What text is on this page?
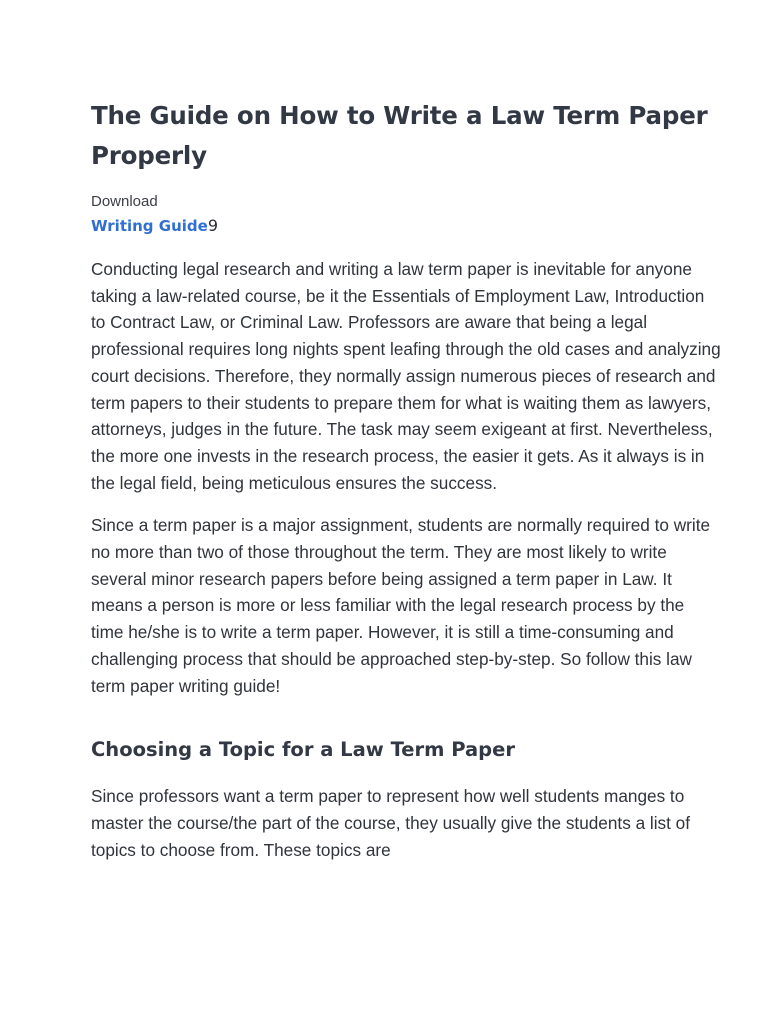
The Guide on How to Write a Law Term Paper Properly
Download
Writing Guide9

Conducting legal research and writing a law term paper is inevitable for anyone taking a law-related course, be it the Essentials of Employment Law, Introduction to Contract Law, or Criminal Law. Professors are aware that being a legal professional requires long nights spent leafing through the old cases and analyzing court decisions. Therefore, they normally assign numerous pieces of research and term papers to their students to prepare them for what is waiting them as lawyers, attorneys, judges in the future. The task may seem exigeant at first. Nevertheless, the more one invests in the research process, the easier it gets. As it always is in the legal field, being meticulous ensures the success.

Since a term paper is a major assignment, students are normally required to write no more than two of those throughout the term. They are most likely to write several minor research papers before being assigned a term paper in Law. It means a person is more or less familiar with the legal research process by the time he/she is to write a term paper. However, it is still a time-consuming and challenging process that should be approached step-by-step. So follow this law term paper writing guide!

Choosing a Topic for a Law Term Paper

Since professors want a term paper to represent how well students manges to master the course/the part of the course, they usually give the students a list of topics to choose from. These topics are
